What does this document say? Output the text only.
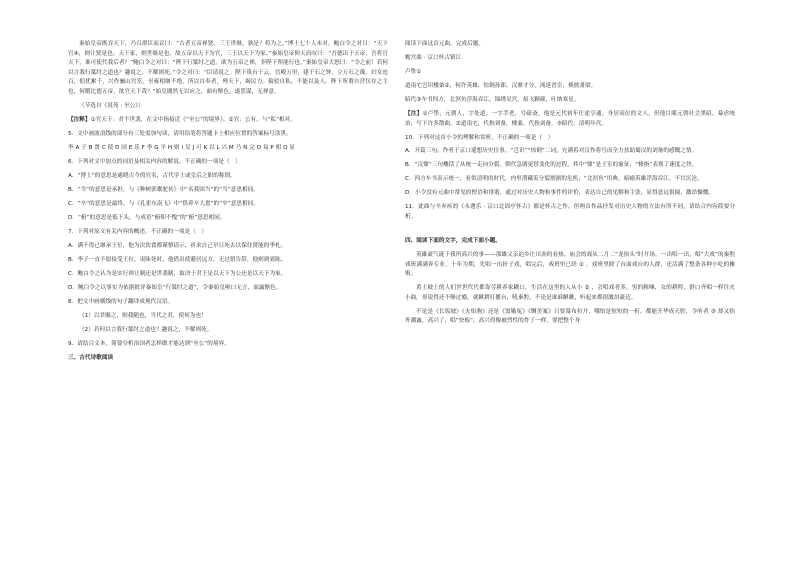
秦始皇帝既吞天下，乃召群臣而议曰：“古者五帝禅贤，三王世继，孰是？将为之。”博士七十人未对。鲍白令之对曰：“天下官④，则让贤是也；天下家，则世继是也。故五帝以天下为官，三王以天下为家。”秦始皇帝仰天而叹曰：“吾德出于五帝，吾将官天下，谁可使代我后者？”鲍白令之对曰：“陛下行桀纣之道，欲为五帝之禅，非陛下所能行也。”秦始皇帝大怒曰：“令之前！若何以言我行桀纣之道也？趣说之，不解则死。”令之对曰：“臣请说之。陛下筑台干云，宫殿五里，建千石之钟，立万石之簴，妇女连百，倡优累千，兴作骊山宫室，至雍相继不绝。所以自奉者，殚天下，竭民力。偏驳自私，不能以及人。陛下所谓自营仅存之主也，何暇比德五帝，欲官天下哉？”始皇闇然无以应之，面有惭色，遂罢谋，无禅意。

（节选自《说苑 · 至公》）

【注释】①官天下：君不世袭，在文中指接近《“至公”的境界》。②官：公有，与“私”相对。

5．文中画波浪线的部分有三处需加句读，请用铅笔将答题卡上相应位置的答案标号涂黑。

李 A 子 B 贤 C 使 D 国 E 乐 F 李 G 平 H 则 I 吴 J 可 K 以 L 兴 M 乃 N 完 O 易 P 相 Q 显

6．下列对文中加点的词语及相关内容的解说，不正确的一项是（　）

A．“博士”的意思是通晓古今的官名，古代学士或皇后之职的称谓。

B．“当”的意思是承担，与《种树郭橐驼传》中“名我固当”的“当”意思相同。

C．“卒”的意思是最终，与《孔雀东南飞》中“供养卒大恩”的“卒”意思相同。

D．“俯”的意思是低下头，与成语“俯仰不愧”的“俯”意思相同。

7．下列对原文有关内容的概述，不正确的一项是（　）

A．满不得已继承王位，他为次饮食都谨慎请示，祈求自己早日死去以保住贤能的季札。

B．李子一直不愿接受王位，夷昧死时，他借出使避居远方，无过错告辞，他则到郊陈。

C．鲍白令之认为是实行禅让制还是世袭制，取决于君王是以天下为公还是以天下为家。

D．鲍白令之以事实为依据批评秦始皇“行桀纣之道”，令秦始皇哑口无言，面露惭色。

8．把文中画横线的句子翻译成现代汉语。

（1）以君赐之，则我随也，当代之君，使何为也！

（2）若何以言我行桀纣之道也？趣说之，不解则死。

9．请结合文本，简要分析治国者怎样做才能达到“至公”的境界。

三、古代诗歌阅读

阅读下面这首元曲，完成后题。

蟾宫曲 · 京口怀古镇江

卢挚①

道南宅岂识楼桑②，何许英雄，惊倒孙郎。汉鼎才分，流延晋室，倏彼萧梁。

昭代③车书四方，北溟鱼浮海吞江。锦绣吴宫，焰飞颗颜，吐纳寒星。

【注】①卢挚，元朝人，字处道，一字莘老，号疏斋。他是元代初年仕途亨通、身居高位的文人，但他目睹元朝社会黑暗，暴虐统治，写下许多散曲。②道南宅，代指刘备，楼桑，代指刘备。③昭代：清明年代。

10．下列对这首小令的理解和赏析，不正确的一项是（　）

A．开篇三句，作者于京口遥想历史往事，“岂识”“惊倒”二词，充满着对汉作将号而全力扶助蜀汉的刘备的感慨之情。

B．“汉鼎”三句概括了从统一走向分裂、朝代急剧更替变化的过程，其中“鼎”是王室的象征，“倏指”表现了速度之快。

C．四方车书表示统一，看似清明的时代，内里潜藏着分裂割据的危机；“北溟鱼”用典，暗喻英雄浮海吞江，不甘沉沦。

D．小令没有元曲中常见的俚语和俳谐，通过对历史人物和事件的评价，表达自己的见解和主张，显得意远很阔、激昂慷慨。

11．此曲与辛弃疾的《永遇乐 · 京口北固亭怀古》都是怀古之作，但两首作品抒发对历史人物的方法有所不同，请结合内容简要分析。

四、阅读下面的文字，完成下面小题。

英雄豪气诞于我所高兴的事——那雄父亲迫乡庄川沥的看热。庙会的戏从二月二“龙抬头”时开场，一出唱一出，唱“大戏”的秦腔戏班满满奔专业。十年为期，先唱一出折子戏，唱完后，戏班里已经 ① ，戏班里除了台面戏台的人群，还活满了整条各种小吃的摊贩。

黄土坡上的人们世世代代都靠劳耕养家糊口。生活在这里的人从小 ② ，会唱戏者多，男的粗嗓，女的耕程，群口齐唱一样往火小曲。哥说得还不够过瘾，就瞅耕打播台，吼秦腔，不论是谁谁瞅瞅，听起来都很激昂豪迈。

不论是《长坂坡》《火焰驹》还是《窦娥冤》《铡美案》只要幕布拉开，哪怕是短短的一折，都能开华成天腔，令听者 ③ 却又抬外潮露，高兴了，唱“快板”，高兴得像被烈性的炸了一样，要把整个身
